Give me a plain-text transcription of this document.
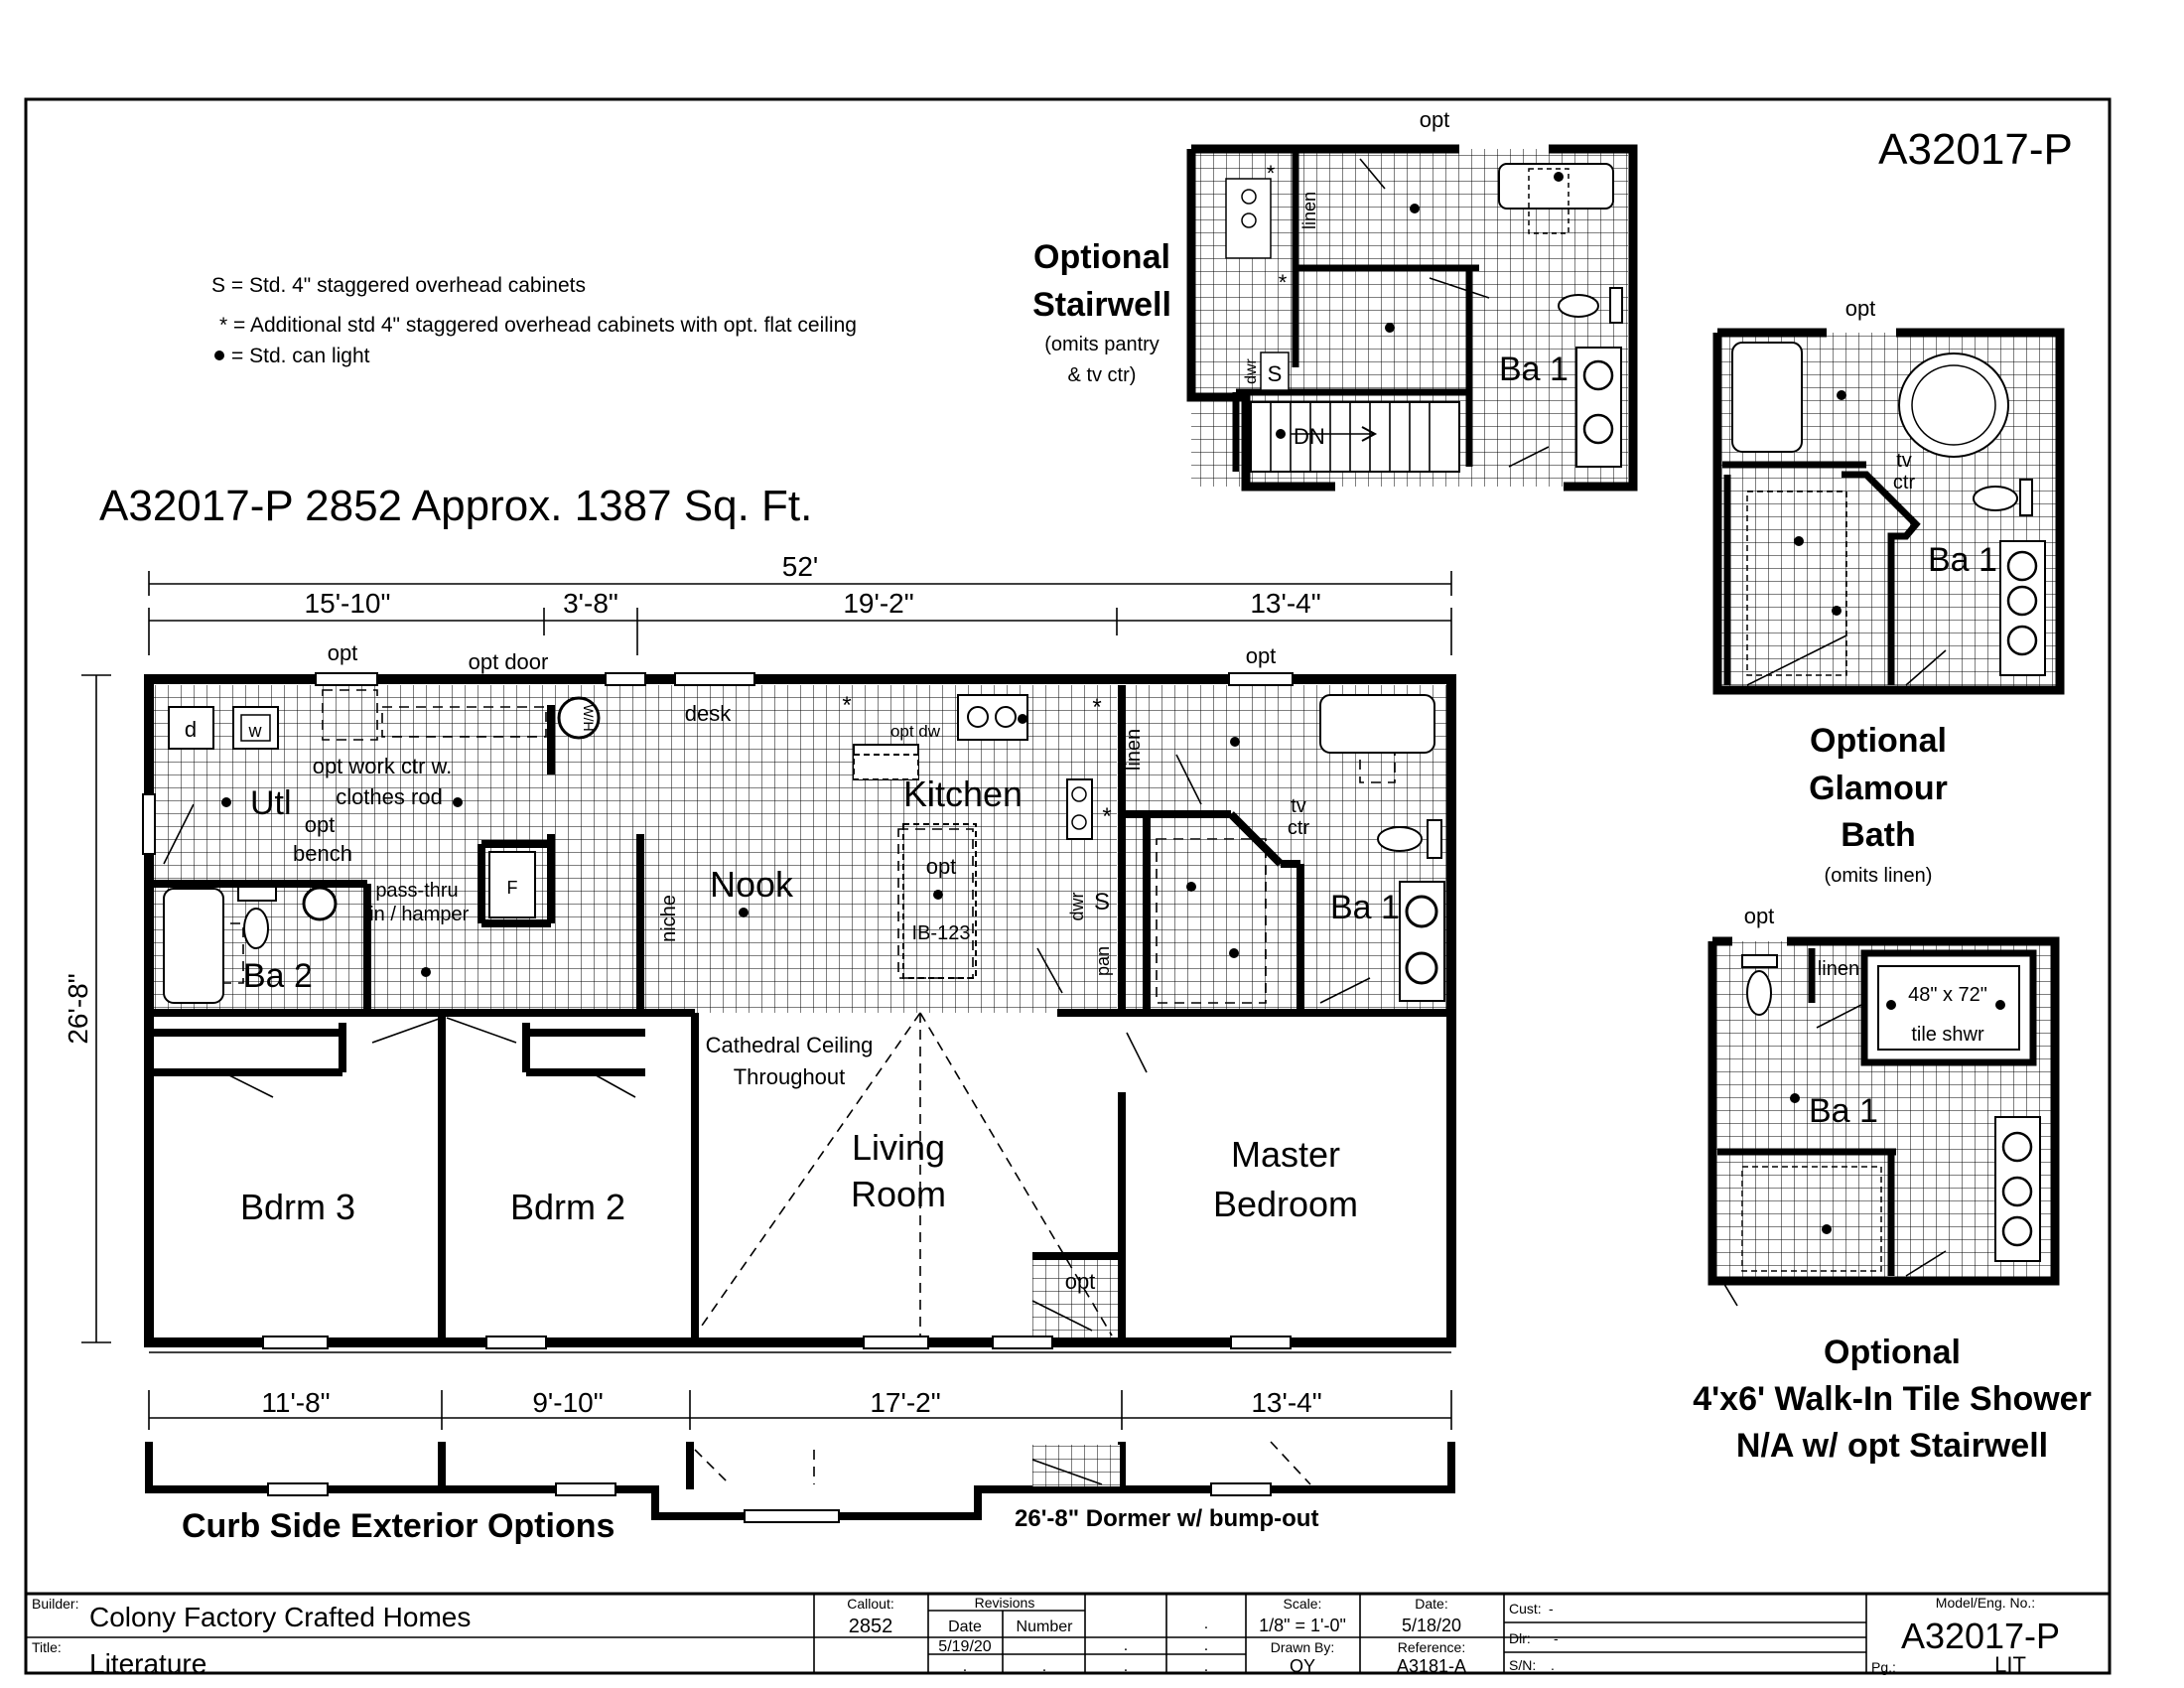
A32017-P
S = Std. 4" staggered overhead cabinets
* = Additional std 4" staggered overhead cabinets with opt. flat ceiling
= Std. can light
A32017-P 2852 Approx. 1387 Sq. Ft.
52'
15'-10"	3'-8"	19'-2"	13'-4"
26'-8"
d	w	W/H
F
Utl
Ba 2
Nook
Kitchen
Ba 1
Bdrm 3	Bdrm 2
Living
Room
Master
Bedroom
opt	opt door	opt
desk	*
opt dw
*
*
opt work ctr w.
clothes rod
opt
bench
pass-thru
lin / hamper	niche
opt
IB-123
linen
tv
ctr
dwr S
pan
Cathedral Ceiling
Throughout
opt
11'-8"	9'-10"	17'-2"	13'-4"
Curb Side Exterior Options	26'-8" Dormer w/ bump-out
DN
S
dwr
*
*
linen
opt
Ba 1
Optional
Stairwell
(omits pantry
& tv ctr)
opt
tv
ctr
Ba 1
Optional
Glamour
Bath
(omits linen)
48" x 72"
tile shwr
opt
linen
Ba 1
Optional
4'x6' Walk-In Tile Shower
N/A w/ opt Stairwell
Builder: Colony Factory Crafted Homes
Title:
Literature
Callout:
2852
Revisions
Date Number
5/19/20
.
.	.
.	.	.	.
Scale:
1/8" = 1'-0"
Drawn By:
OY
Date:
5/18/20
Reference:
A3181-A
Cust: -
Dlr: -
S/N: .
Model/Eng. No.:
A32017-P
Pg.:	LIT
